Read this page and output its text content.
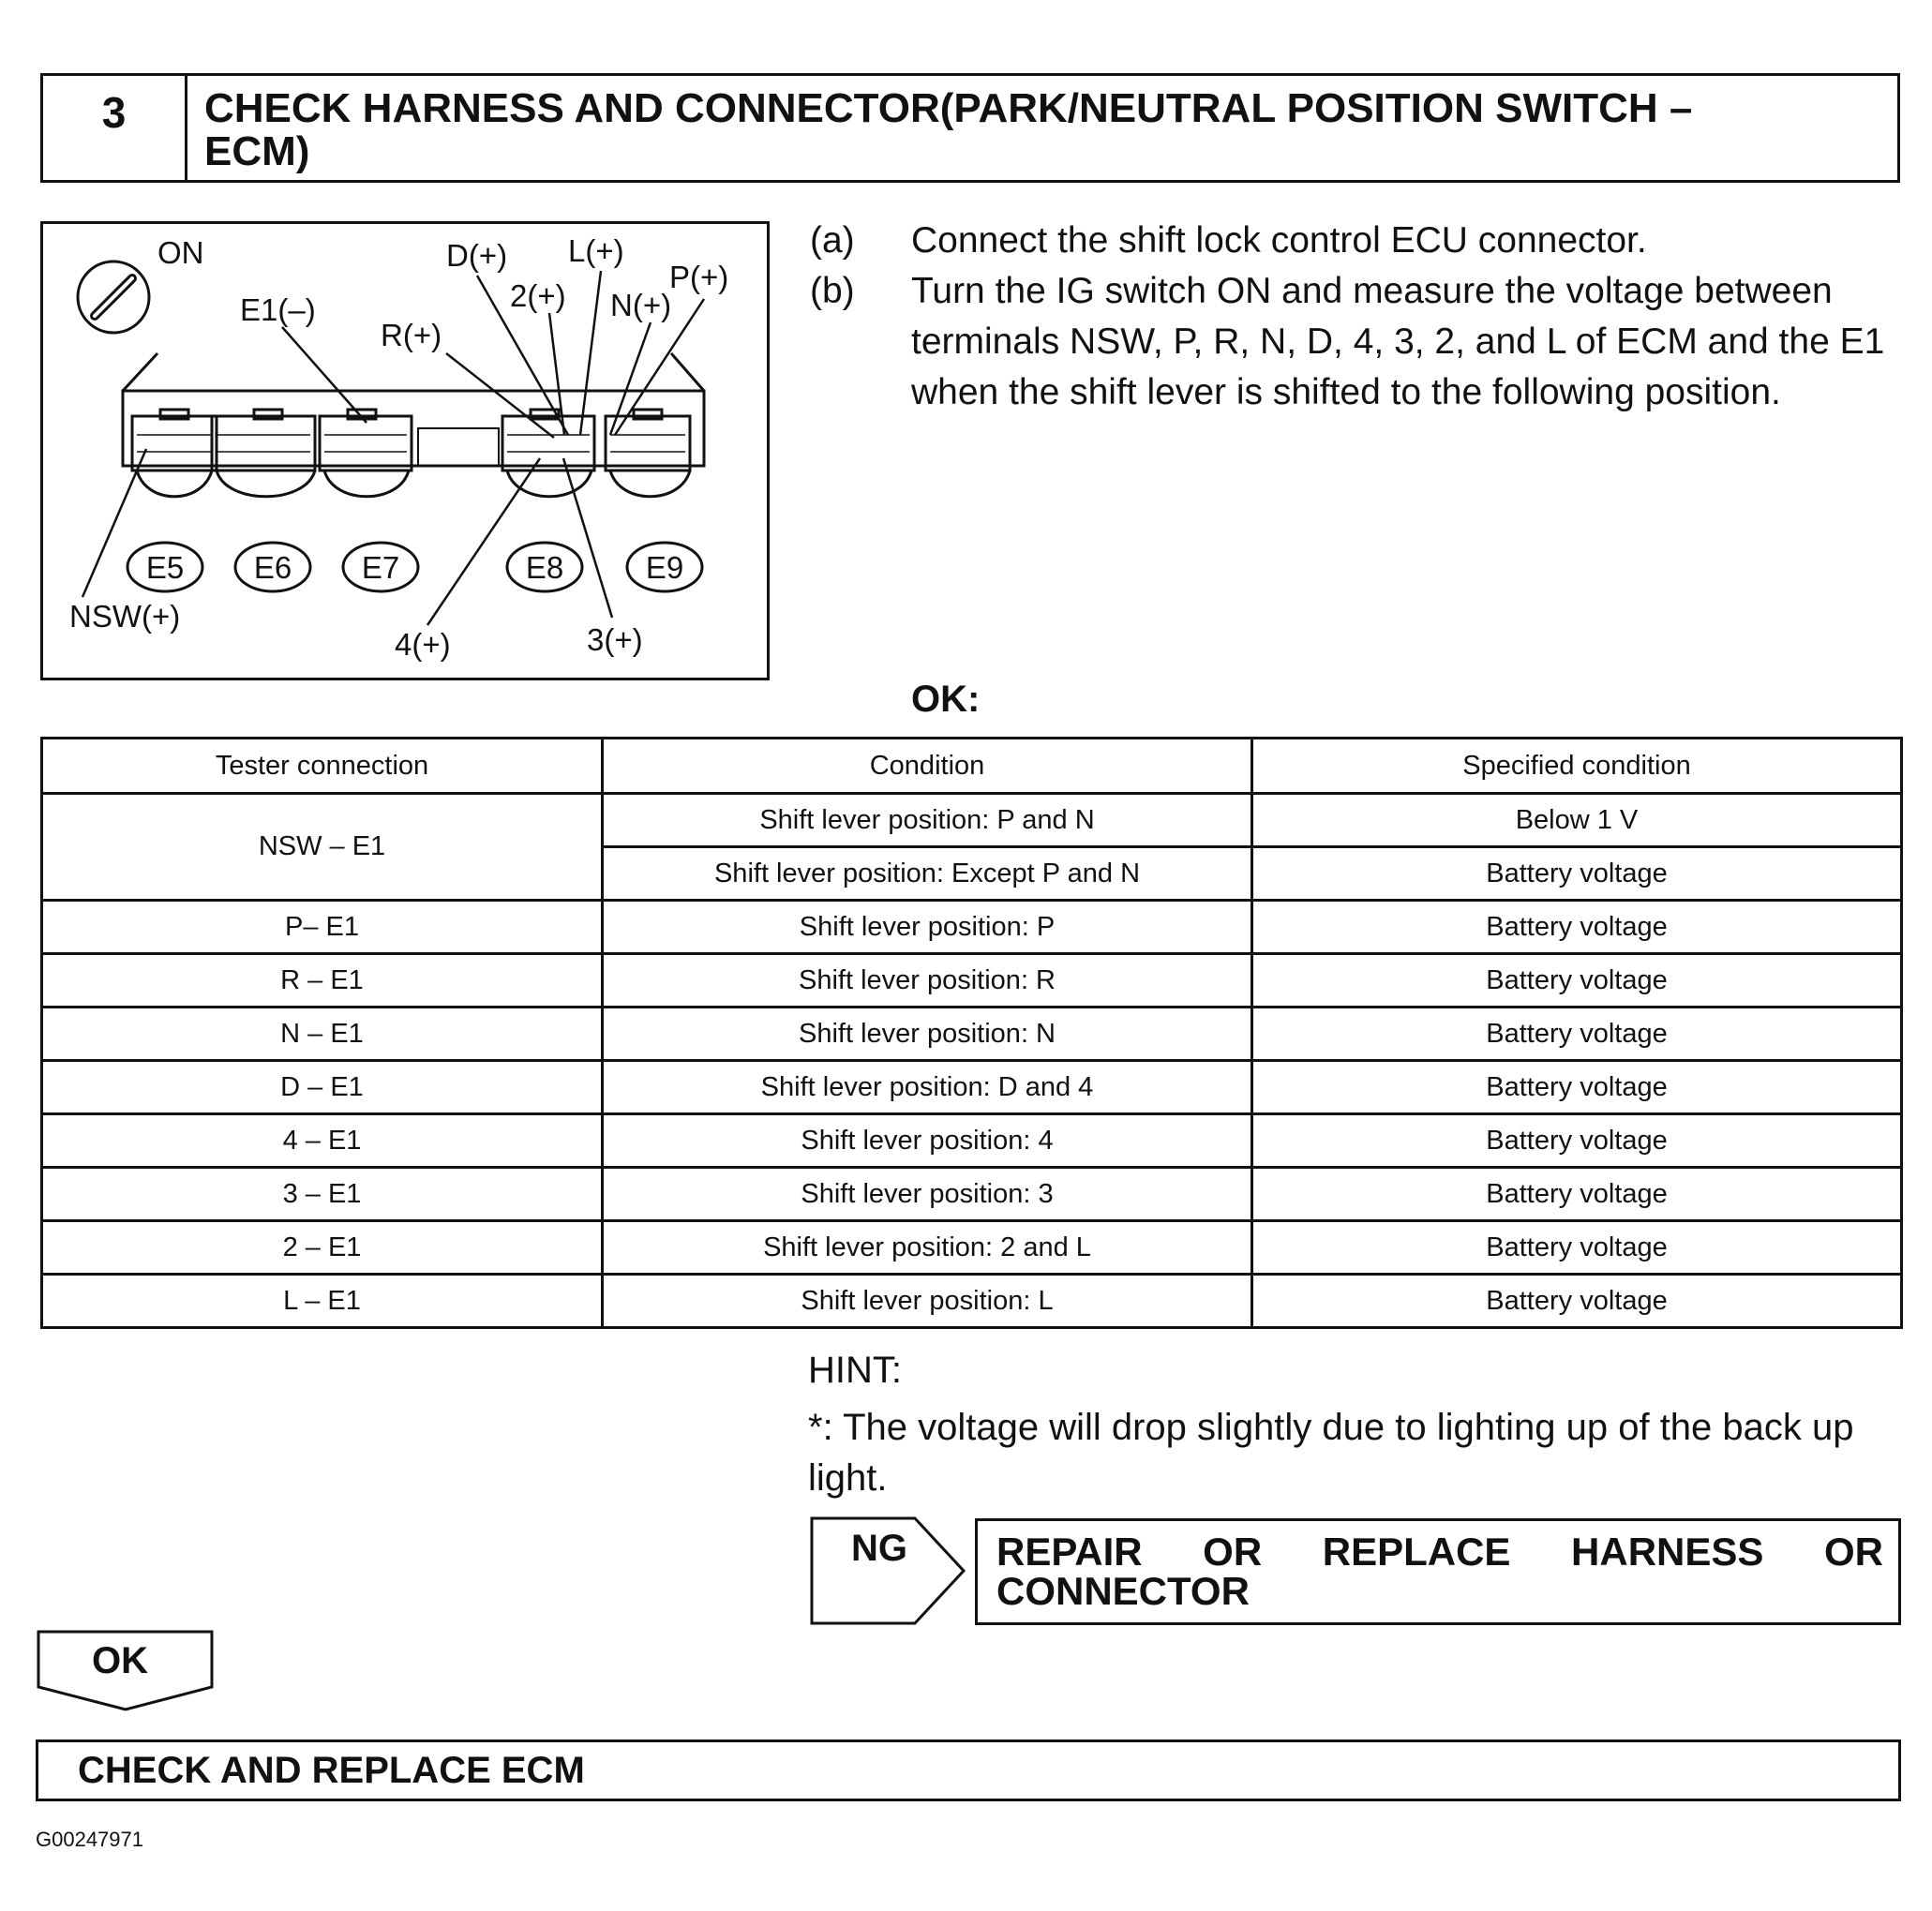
3	CHECK HARNESS AND CONNECTOR(PARK/NEUTRAL POSITION SWITCH –
ECM)
ON
E1(–)
D(+) L(+)
2(+) N(+)
P(+)
R(+)
E5 E6 E7	E8	E9
NSW(+)
4(+)	3(+)
(a)	Connect the shift lock control ECU connector.
(b)	Turn the IG switch ON and measure the voltage between terminals NSW, P, R, N, D, 4, 3, 2, and L of ECM and the E1 when the shift lever is shifted to the following position.
OK:
Tester connection	Condition	Specified condition
NSW – E1	Shift lever position: P and N	Below 1 V
	Shift lever position: Except P and N	Battery voltage
P– E1	Shift lever position: P	Battery voltage
R – E1	Shift lever position: R	Battery voltage
N – E1	Shift lever position: N	Battery voltage
D – E1	Shift lever position: D and 4	Battery voltage
4 – E1	Shift lever position: 4	Battery voltage
3 – E1	Shift lever position: 3	Battery voltage
2 – E1	Shift lever position: 2 and L	Battery voltage
L – E1	Shift lever position: L	Battery voltage
HINT:
*: The voltage will drop slightly due to lighting up of the back up light.
NG REPAIR OR REPLACE HARNESS OR
CONNECTOR
OK
CHECK AND REPLACE ECM
G00247971
